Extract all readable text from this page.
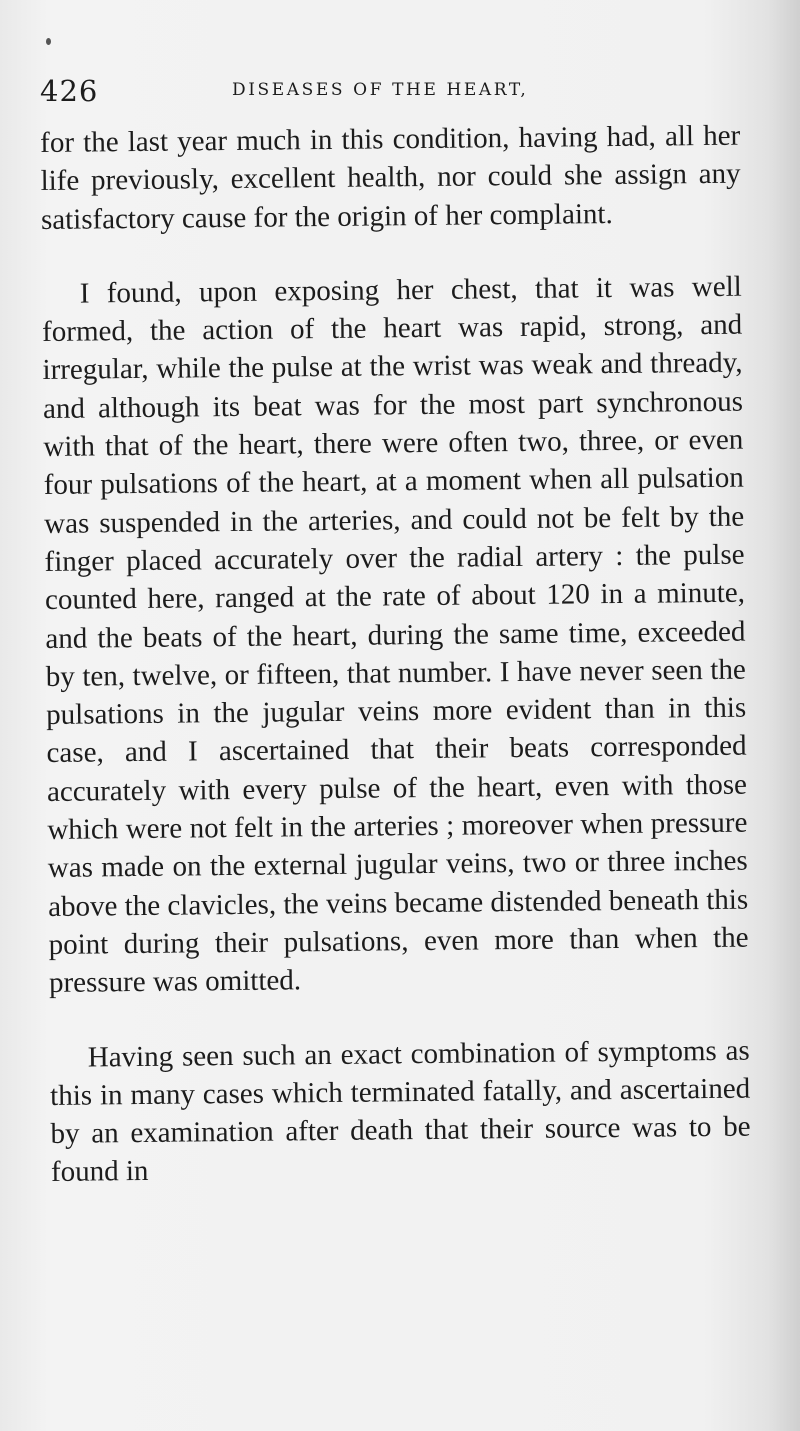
426	DISEASES OF THE HEART,

for the last year much in this condition, having had, all her life previously, excellent health, nor could she assign any satisfactory cause for the origin of her complaint.

I found, upon exposing her chest, that it was well formed, the action of the heart was rapid, strong, and irregular, while the pulse at the wrist was weak and thready, and although its beat was for the most part synchronous with that of the heart, there were often two, three, or even four pulsations of the heart, at a moment when all pulsation was suspended in the arteries, and could not be felt by the finger placed accurately over the radial artery : the pulse counted here, ranged at the rate of about 120 in a minute, and the beats of the heart, during the same time, exceeded by ten, twelve, or fifteen, that number. I have never seen the pulsations in the jugular veins more evident than in this case, and I ascertained that their beats corresponded accurately with every pulse of the heart, even with those which were not felt in the arteries ; moreover when pressure was made on the external jugular veins, two or three inches above the clavicles, the veins became distended beneath this point during their pulsations, even more than when the pressure was omitted.

Having seen such an exact combination of symptoms as this in many cases which terminated fatally, and ascertained by an examination after death that their source was to be found in
